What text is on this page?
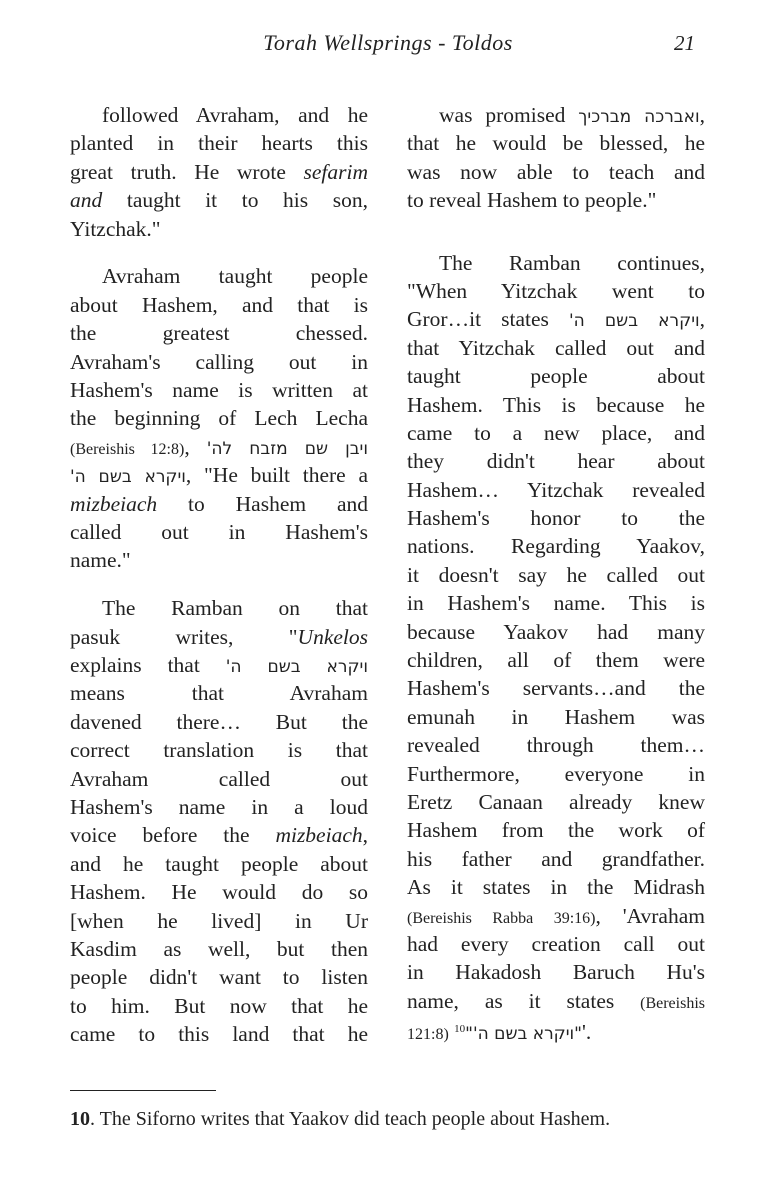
Torah Wellsprings - Toldos	21
followed Avraham, and he
planted in their hearts this
great truth. He wrote sefarim
and taught it to his son,
Yitzchak."
Avraham taught people
about Hashem, and that is
the greatest chessed.
Avraham's calling out in
Hashem's name is written at
the beginning of Lech Lecha
(Bereishis 12:8), ויבן שם מזבח לה'
ויקרא בשם ה', "He built there a
mizbeiach to Hashem and
called out in Hashem's
name."
The Ramban on that
pasuk writes, "Unkelos
explains that ויקרא בשם ה'
means that Avraham
davened there… But the
correct translation is that
Avraham called out
Hashem's name in a loud
voice before the mizbeiach,
and he taught people about
Hashem. He would do so
[when he lived] in Ur
Kasdim as well, but then
people didn't want to listen
to him. But now that he
came to this land that he
was promised ואברכה מברכיך,
that he would be blessed, he
was now able to teach and
to reveal Hashem to people."
The Ramban continues,
"When Yitzchak went to
Gror…it states ויקרא בשם ה',
that Yitzchak called out and
taught people about
Hashem. This is because he
came to a new place, and
they didn't hear about
Hashem… Yitzchak revealed
Hashem's honor to the
nations. Regarding Yaakov,
it doesn't say he called out
in Hashem's name. This is
because Yaakov had many
children, all of them were
Hashem's servants…and the
emunah in Hashem was
revealed through them…
Furthermore, everyone in
Eretz Canaan already knew
Hashem from the work of
his father and grandfather.
As it states in the Midrash
(Bereishis Rabba 39:16), 'Avraham
had every creation call out
in Hakadosh Baruch Hu's
name, as it states (Bereishis
121:8) $^{10}$"ויקרא בשם ה'"'.
10. The Siforno writes that Yaakov did teach people about Hashem.
